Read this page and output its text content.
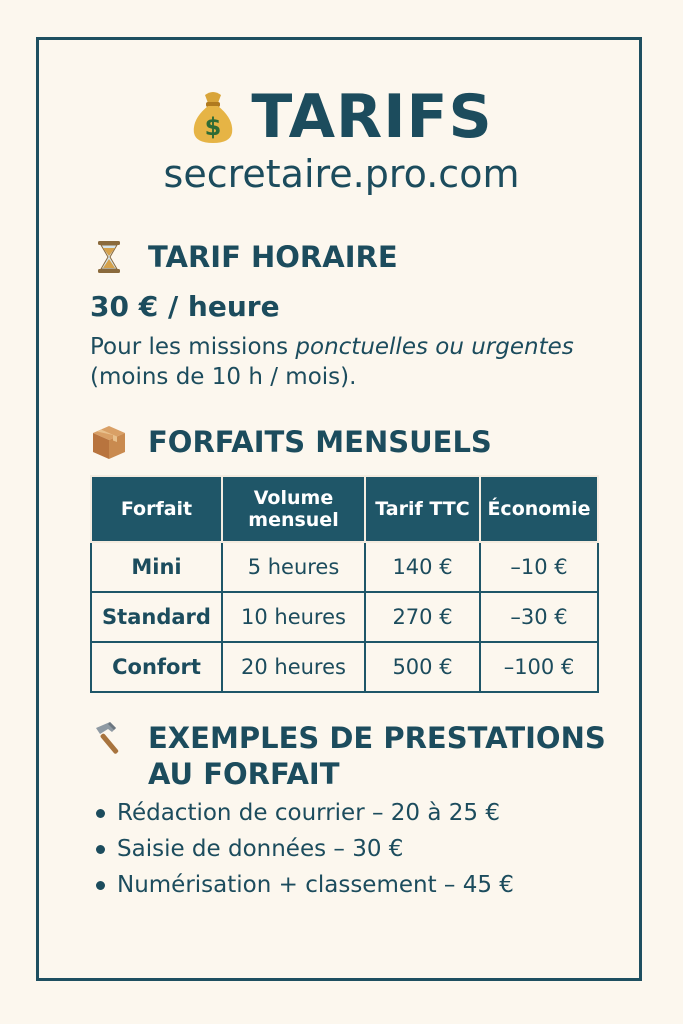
$ TARIFS
secretaire.pro.com
TARIF HORAIRE
30 € / heure
Pour les missions ponctuelles ou urgentes (moins de 10 h / mois).
FORFAITS MENSUELS
Forfait	Volume mensuel	Tarif TTC	Économie
Mini	5 heures	140 €	–10 €
Standard	10 heures	270 €	–30 €
Confort	20 heures	500 €	–100 €
EXEMPLES DE PRESTATIONS
AU FORFAIT
Rédaction de courrier – 20 à 25 €
Saisie de données – 30 €
Numérisation + classement – 45 €
